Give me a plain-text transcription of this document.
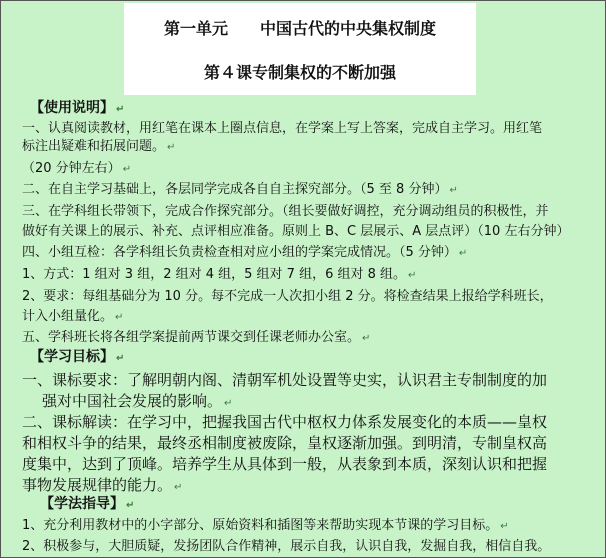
第一单元　　中国古代的中央集权制度
第４课专制集权的不断加强
【使用说明】 ↵
一、认真阅读教材，用红笔在课本上圈点信息，在学案上写上答案，完成自主学习。用红笔
标注出疑难和拓展问题。 ↵
（20 分钟左右） ↵
二、在自主学习基础上，各层同学完成各自自主探究部分。（5 至 8 分钟） ↵
三、在学科组长带领下，完成合作探究部分。（组长要做好调控，充分调动组员的积极性，并
做好有关课上的展示、补充、点评相应准备。原则上 B、C 层展示、A 层点评）（10 左右分钟）
四、小组互检：各学科组长负责检查相对应小组的学案完成情况。（5 分钟） ↵
1、方式：1 组对 3 组，2 组对 4 组，5 组对 7 组，6 组对 8 组。 ↵
2、要求：每组基础分为 10 分。每不完成一人次扣小组 2 分。将检查结果上报给学科班长，
计入小组量化。 ↵
五、学科班长将各组学案提前两节课交到任课老师办公室。 ↵
【学习目标】 ↵
一、课标要求：了解明朝内阁、清朝军机处设置等史实，认识君主专制制度的加
强对中国社会发展的影响。 ↵
二、课标解读：在学习中，把握我国古代中枢权力体系发展变化的本质——皇权
和相权斗争的结果，最终丞相制度被废除，皇权逐渐加强。到明清，专制皇权高
度集中，达到了顶峰。培养学生从具体到一般，从表象到本质，深刻认识和把握
事物发展规律的能力。 ↵
【学法指导】 ↵
1、充分利用教材中的小字部分、原始资料和插图等来帮助实现本节课的学习目标。 ↵
2、积极参与，大胆质疑，发扬团队合作精神，展示自我，认识自我，发掘自我，相信自我。
